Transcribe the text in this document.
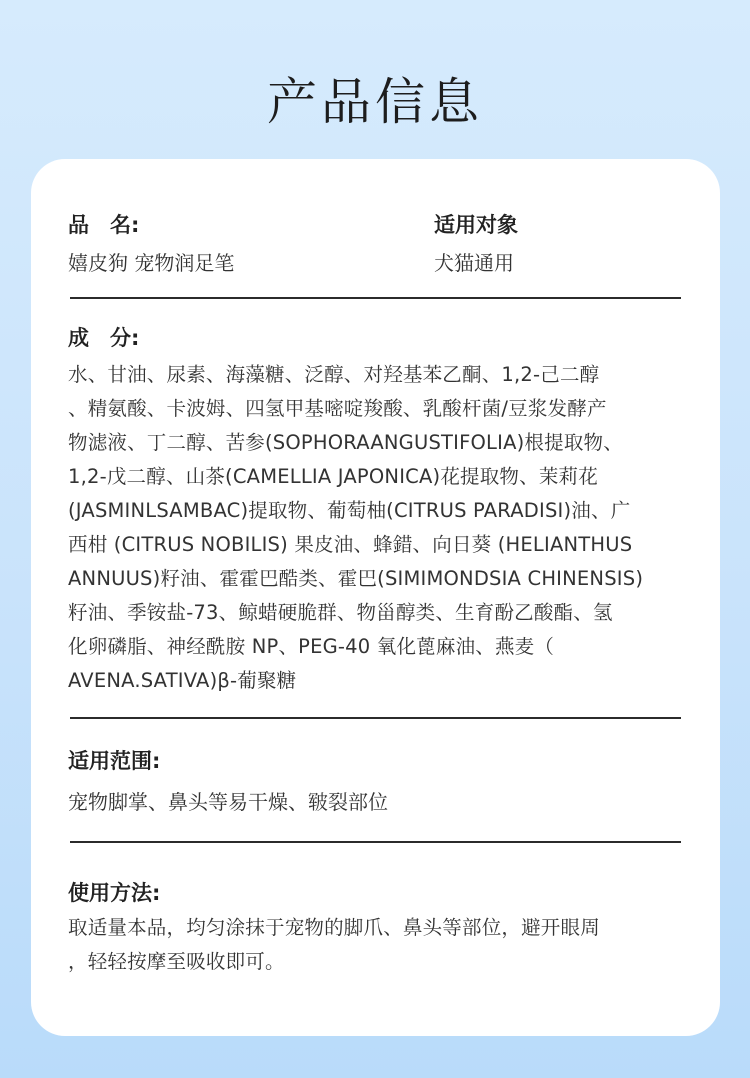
产品信息
品　名:
嬉皮狗 宠物润足笔
适用对象
犬猫通用
成　分:
水、甘油、尿素、海藻糖、泛醇、对羟基苯乙酮、1,2-己二醇
、精氨酸、卡波姆、四氢甲基嘧啶羧酸、乳酸杆菌/豆浆发酵产
物滤液、丁二醇、苦参(SOPHORAANGUSTIFOLIA)根提取物、
1,2-戊二醇、山茶(CAMELLIA JAPONICA)花提取物、茉莉花
(JASMINLSAMBAC)提取物、葡萄柚(CITRUS PARADISI)油、广
西柑 (CITRUS NOBILIS) 果皮油、蜂錯、向日葵 (HELIANTHUS
ANNUUS)籽油、霍霍巴酷类、霍巴(SIMIMONDSIA CHINENSIS)
籽油、季铵盐-73、鲸蜡硬脆群、物甾醇类、生育酚乙酸酯、氢
化卵磷脂、神经酰胺 NP、PEG-40 氧化蓖麻油、燕麦（
AVENA.SATIVA)β-葡聚糖
适用范围:
宠物脚掌、鼻头等易干燥、皲裂部位
使用方法:
取适量本品，均匀涂抹于宠物的脚爪、鼻头等部位，避开眼周
，轻轻按摩至吸收即可。
